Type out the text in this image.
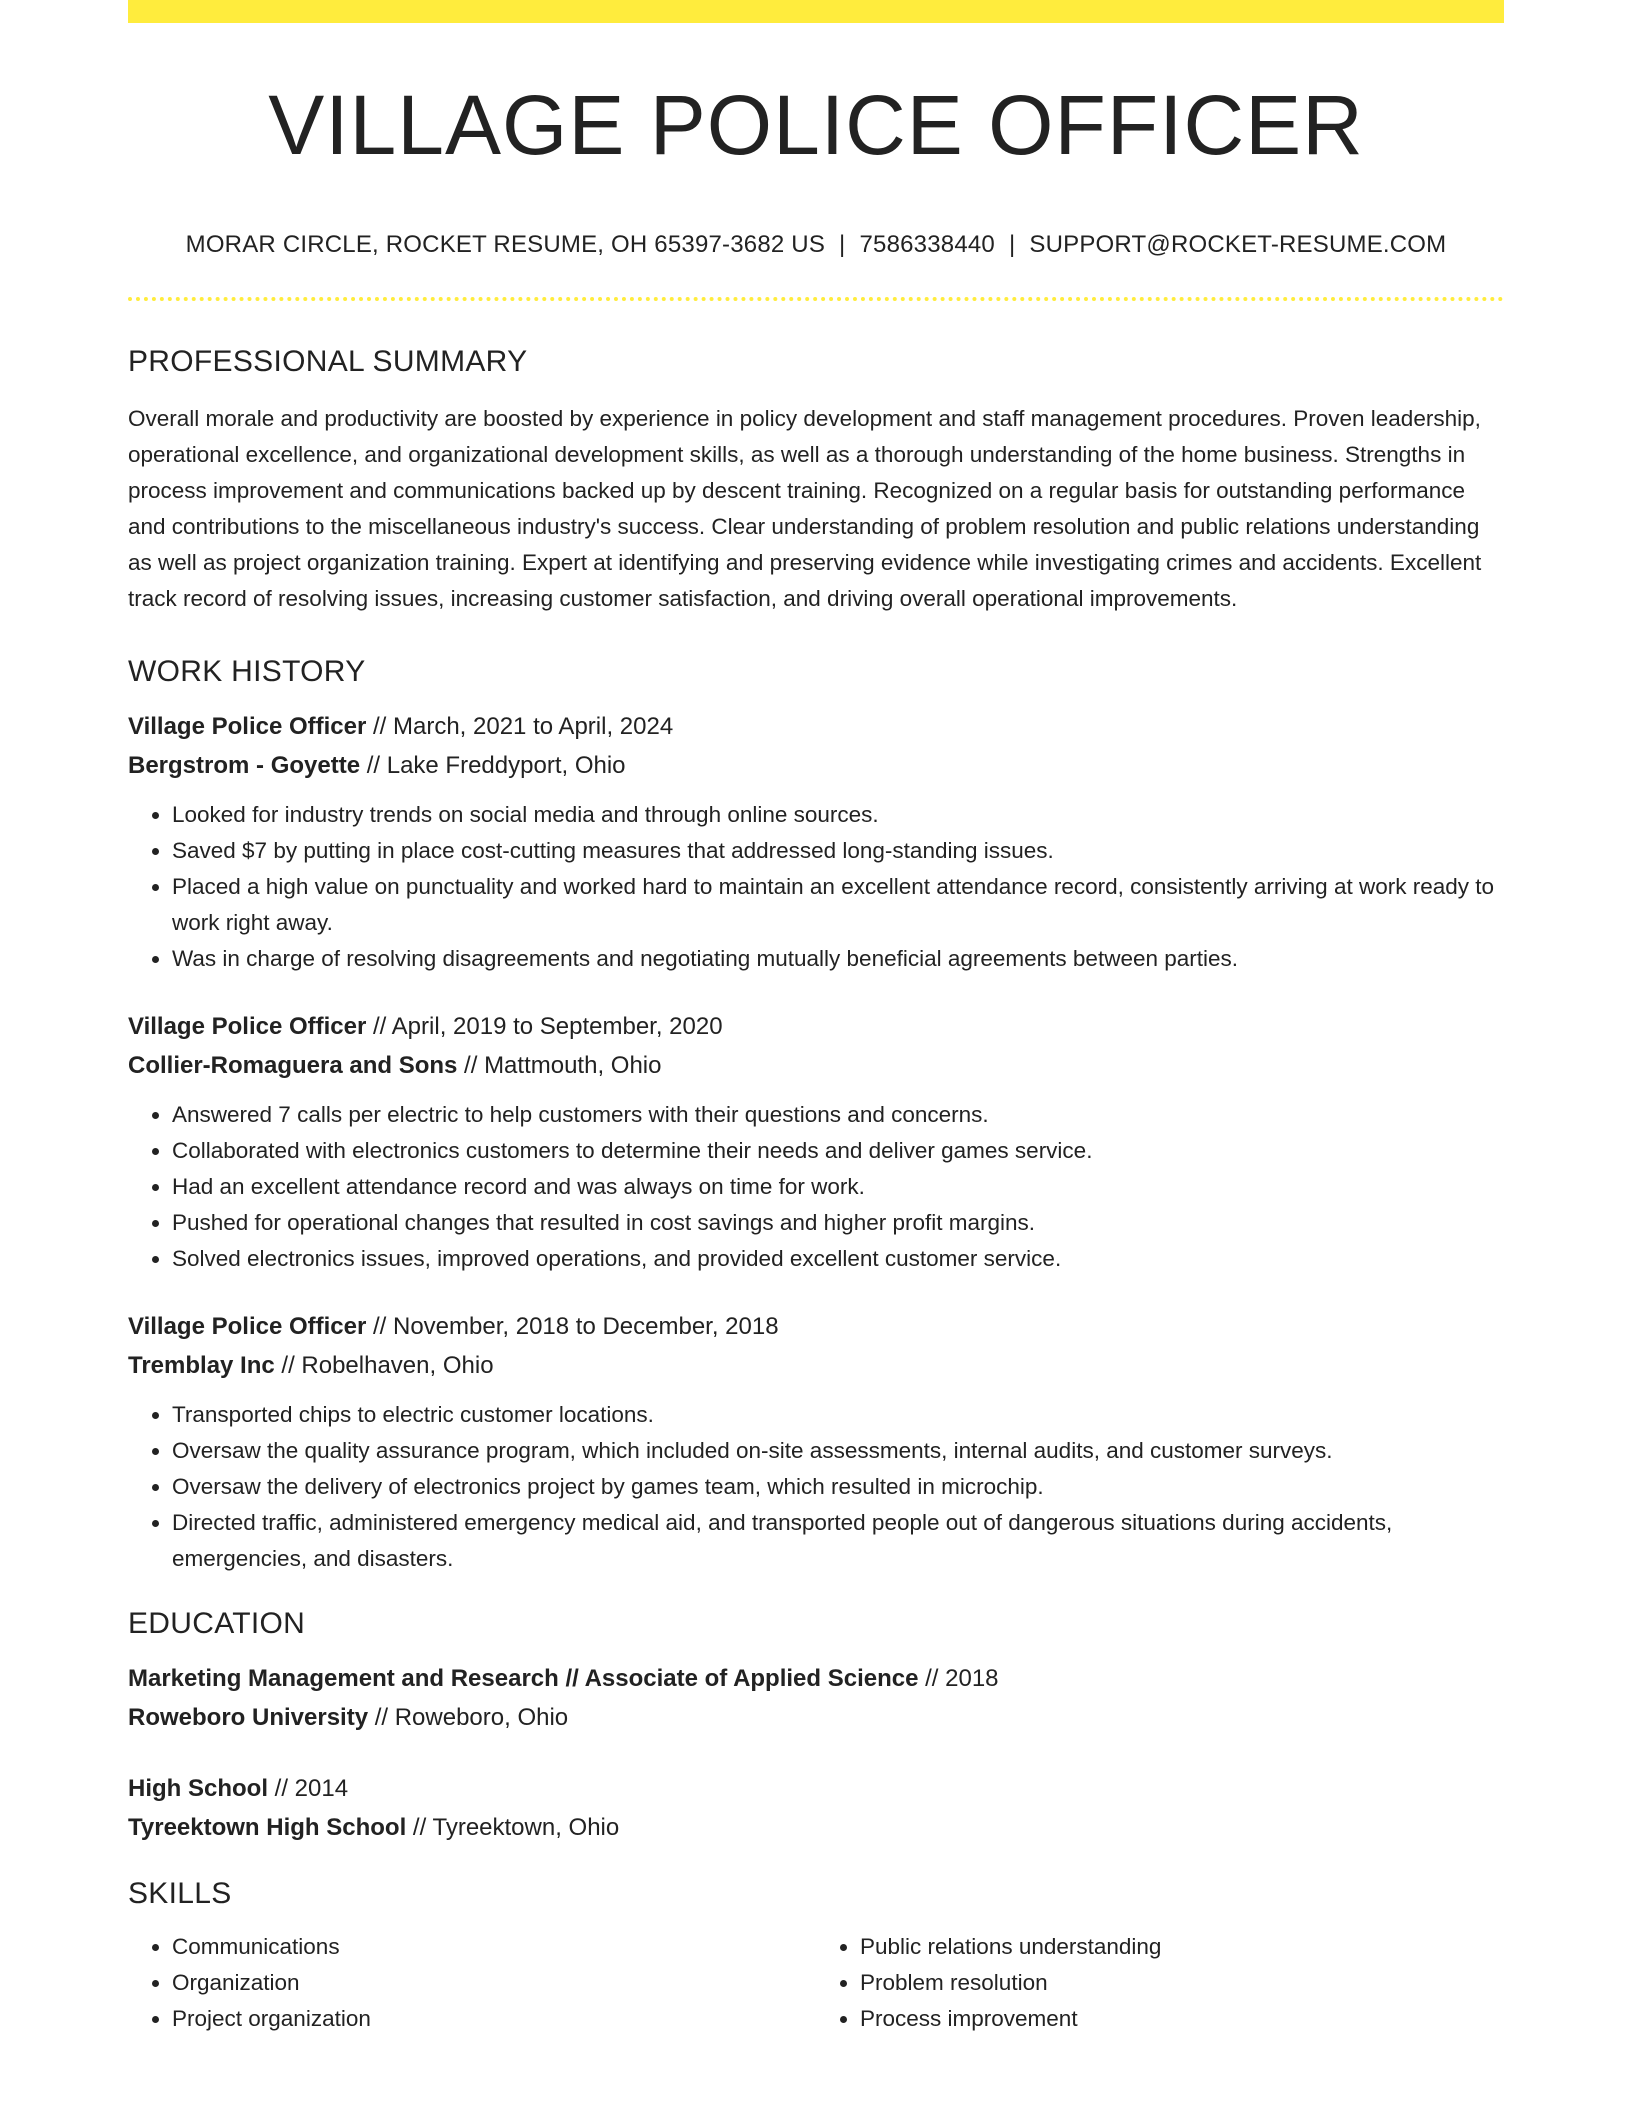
VILLAGE POLICE OFFICER
MORAR CIRCLE, ROCKET RESUME, OH 65397-3682 US | 7586338440 | SUPPORT@ROCKET-RESUME.COM
PROFESSIONAL SUMMARY

Overall morale and productivity are boosted by experience in policy development and staff management procedures. Proven leadership, operational excellence, and organizational development skills, as well as a thorough understanding of the home business. Strengths in process improvement and communications backed up by descent training. Recognized on a regular basis for outstanding performance and contributions to the miscellaneous industry's success. Clear understanding of problem resolution and public relations understanding as well as project organization training. Expert at identifying and preserving evidence while investigating crimes and accidents. Excellent track record of resolving issues, increasing customer satisfaction, and driving overall operational improvements.

WORK HISTORY
Village Police Officer // March, 2021 to April, 2024
Bergstrom - Goyette // Lake Freddyport, Ohio
• Looked for industry trends on social media and through online sources.
• Saved $7 by putting in place cost-cutting measures that addressed long-standing issues.
• Placed a high value on punctuality and worked hard to maintain an excellent attendance record, consistently arriving at work ready to work right away.
• Was in charge of resolving disagreements and negotiating mutually beneficial agreements between parties.
Village Police Officer // April, 2019 to September, 2020
Collier-Romaguera and Sons // Mattmouth, Ohio
• Answered 7 calls per electric to help customers with their questions and concerns.
• Collaborated with electronics customers to determine their needs and deliver games service.
• Had an excellent attendance record and was always on time for work.
• Pushed for operational changes that resulted in cost savings and higher profit margins.
• Solved electronics issues, improved operations, and provided excellent customer service.
Village Police Officer // November, 2018 to December, 2018
Tremblay Inc // Robelhaven, Ohio
• Transported chips to electric customer locations.
• Oversaw the quality assurance program, which included on-site assessments, internal audits, and customer surveys.
• Oversaw the delivery of electronics project by games team, which resulted in microchip.
• Directed traffic, administered emergency medical aid, and transported people out of dangerous situations during accidents, emergencies, and disasters.
EDUCATION
Marketing Management and Research // Associate of Applied Science // 2018
Roweboro University // Roweboro, Ohio
High School // 2014
Tyreektown High School // Tyreektown, Ohio
SKILLS
• Communications
• Organization
• Project organization
• Public relations understanding
• Problem resolution
• Process improvement
